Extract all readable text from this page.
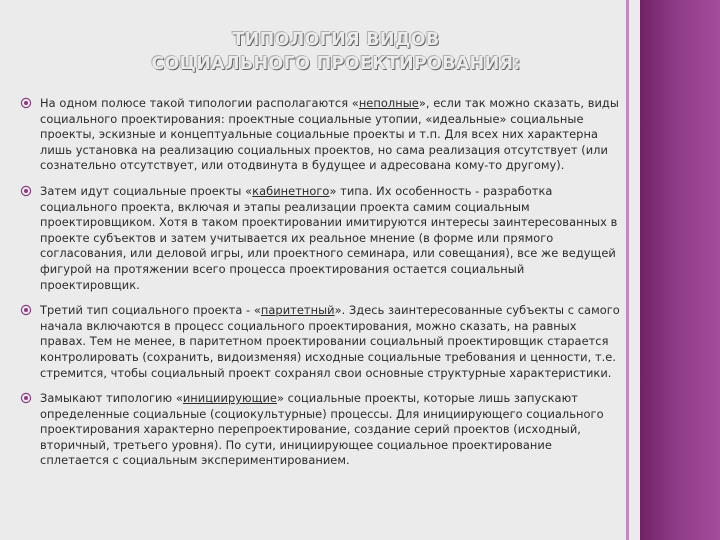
ТИПОЛОГИЯ ВИДОВ
СОЦИАЛЬНОГО ПРОЕКТИРОВАНИЯ:
На одном полюсе такой типологии располагаются «неполные», если так можно сказать, виды социального проектирования: проектные социальные утопии, «идеальные» социальные проекты, эскизные и концептуальные социальные проекты и т.п. Для всех них характерна лишь установка на реализацию социальных проектов, но сама реализация отсутствует (или сознательно отсутствует, или отодвинута в будущее и адресована кому-то другому).
Затем идут социальные проекты «кабинетного» типа. Их особенность - разработка социального проекта, включая и этапы реализации проекта самим социальным проектировщиком. Хотя в таком проектировании имитируются интересы заинтересованных в проекте субъектов и затем учитывается их реальное мнение (в форме или прямого согласования, или деловой игры, или проектного семинара, или совещания), все же ведущей фигурой на протяжении всего процесса проектирования остается социальный проектировщик.
Третий тип социального проекта - «паритетный». Здесь заинтересованные субъекты с самого начала включаются в процесс социального проектирования, можно сказать, на равных правах. Тем не менее, в паритетном проектировании социальный проектировщик старается контролировать (сохранить, видоизменяя) исходные социальные требования и ценности, т.е. стремится, чтобы социальный проект сохранял свои основные структурные характеристики.
Замыкают типологию «инициирующие» социальные проекты, которые лишь запускают определенные социальные (социокультурные) процессы. Для инициирующего социального проектирования характерно перепроектирование, создание серий проектов (исходный, вторичный, третьего уровня). По сути, инициирующее социальное проектирование сплетается с социальным экспериментированием.
